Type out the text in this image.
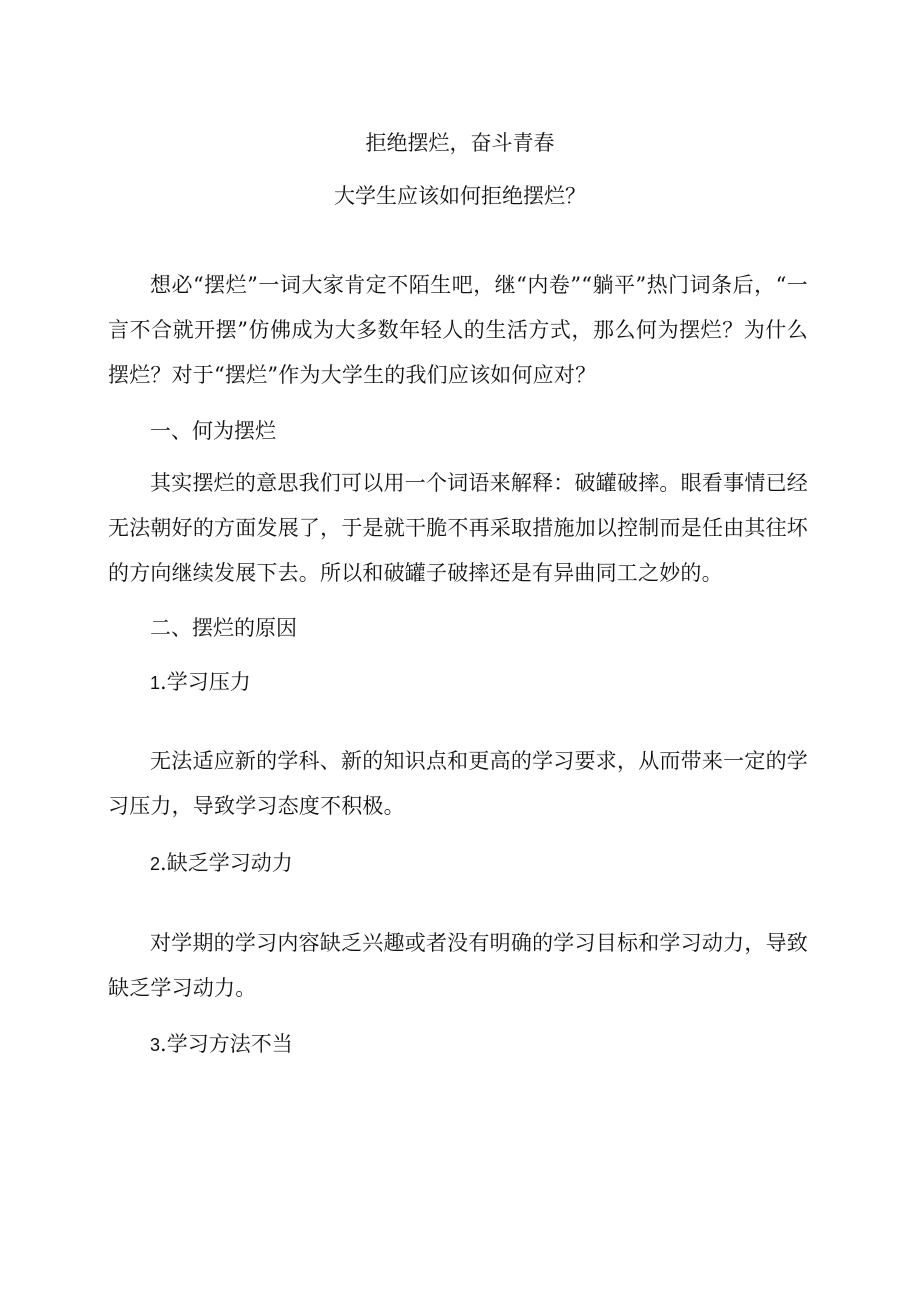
拒绝摆烂，奋斗青春
大学生应该如何拒绝摆烂？

想必“摆烂”一词大家肯定不陌生吧，继“内卷”“躺平”热门词条后，“一言不合就开摆”仿佛成为大多数年轻人的生活方式，那么何为摆烂？为什么摆烂？对于“摆烂”作为大学生的我们应该如何应对？

一、何为摆烂

其实摆烂的意思我们可以用一个词语来解释：破罐破摔。眼看事情已经无法朝好的方面发展了，于是就干脆不再采取措施加以控制而是任由其往坏的方向继续发展下去。所以和破罐子破摔还是有异曲同工之妙的。

二、摆烂的原因
1.学习压力

无法适应新的学科、新的知识点和更高的学习要求，从而带来一定的学习压力，导致学习态度不积极。

2.缺乏学习动力

对学期的学习内容缺乏兴趣或者没有明确的学习目标和学习动力，导致缺乏学习动力。

3.学习方法不当
